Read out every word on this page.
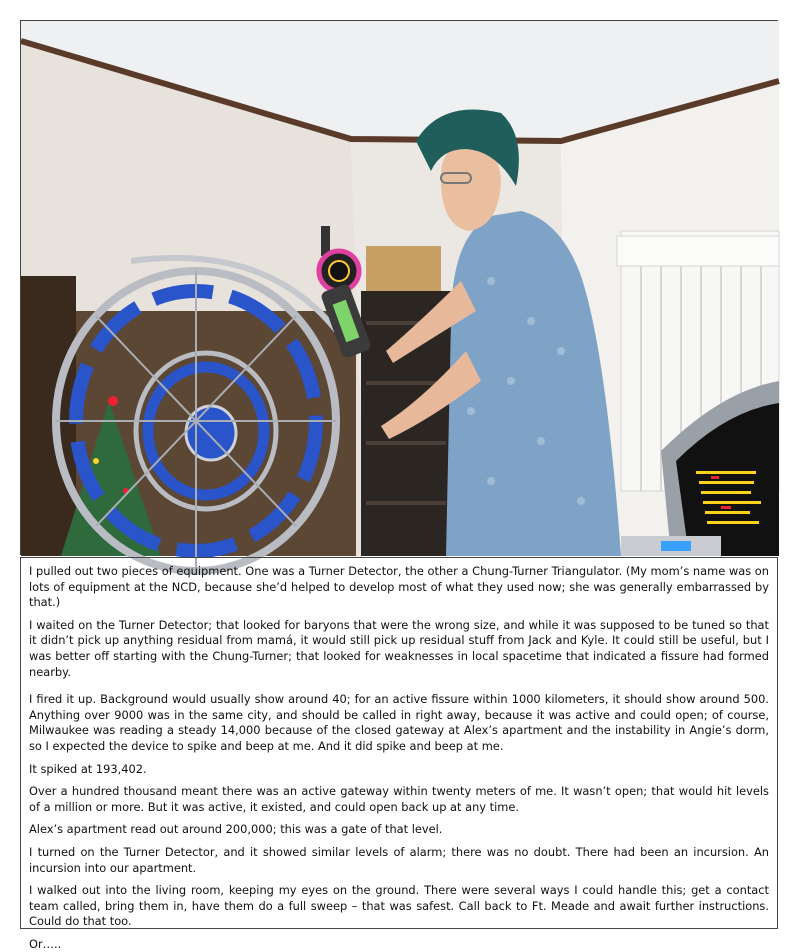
I pulled out two pieces of equipment. One was a Turner Detector, the other a Chung-Turner Triangulator. (My mom’s name was on lots of equipment at the NCD, because she’d helped to develop most of what they used now; she was generally embarrassed by that.)

I waited on the Turner Detector; that looked for baryons that were the wrong size, and while it was supposed to be tuned so that it didn’t pick up anything residual from mamá, it would still pick up residual stuff from Jack and Kyle. It could still be useful, but I was better off starting with the Chung-Turner; that looked for weaknesses in local spacetime that indicated a fissure had formed nearby.

I fired it up. Background would usually show around 40; for an active fissure within 1000 kilometers, it should show around 500. Anything over 9000 was in the same city, and should be called in right away, because it was active and could open; of course, Milwaukee was reading a steady 14,000 because of the closed gateway at Alex’s apartment and the instability in Angie’s dorm, so I expected the device to spike and beep at me. And it did spike and beep at me.

It spiked at 193,402.

Over a hundred thousand meant there was an active gateway within twenty meters of me. It wasn’t open; that would hit levels of a million or more. But it was active, it existed, and could open back up at any time.

Alex’s apartment read out around 200,000; this was a gate of that level.

I turned on the Turner Detector, and it showed similar levels of alarm; there was no doubt. There had been an incursion. An incursion into our apartment.

I walked out into the living room, keeping my eyes on the ground. There were several ways I could handle this; get a contact team called, bring them in, have them do a full sweep – that was safest. Call back to Ft. Meade and await further instructions. Could do that too.

Or…..
